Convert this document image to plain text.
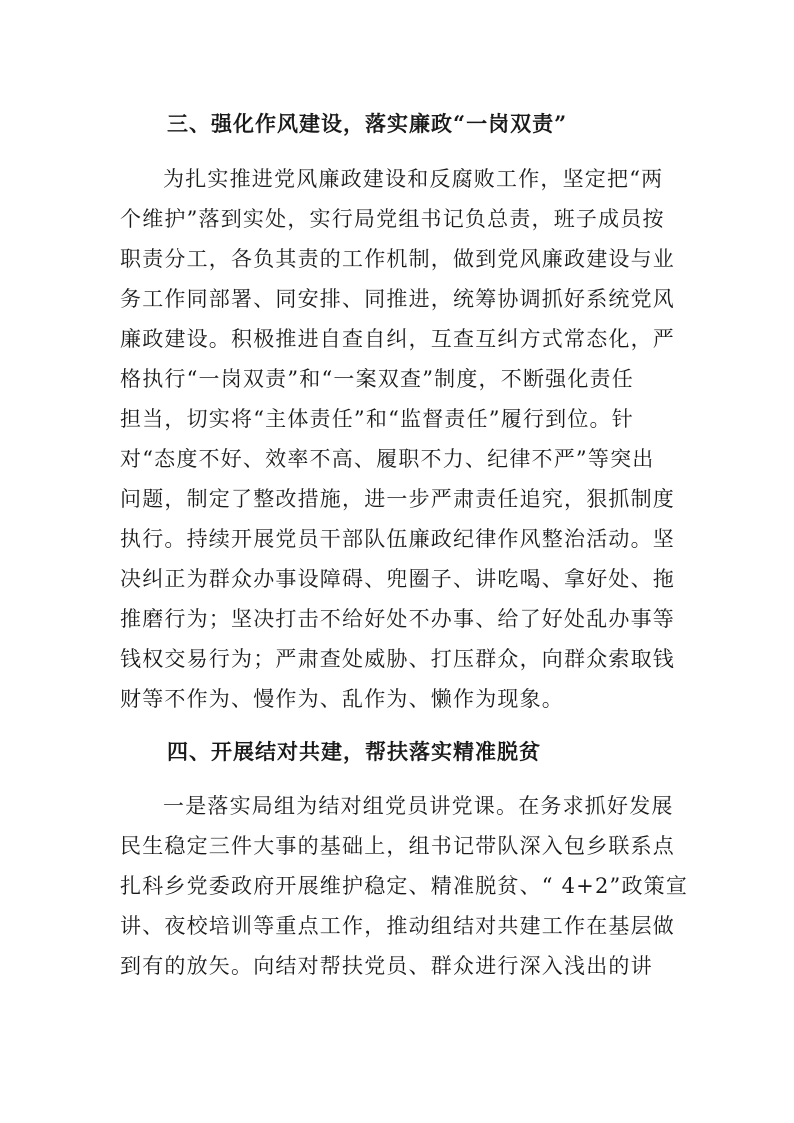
三、强化作风建设，落实廉政“一岗双责”
为扎实推进党风廉政建设和反腐败工作，坚定把“两
个维护”落到实处，实行局党组书记负总责，班子成员按
职责分工，各负其责的工作机制，做到党风廉政建设与业
务工作同部署、同安排、同推进，统筹协调抓好系统党风
廉政建设。积极推进自查自纠，互查互纠方式常态化，严
格执行“一岗双责”和“一案双查”制度，不断强化责任
担当，切实将“主体责任”和“监督责任”履行到位。针
对“态度不好、效率不高、履职不力、纪律不严”等突出
问题，制定了整改措施，进一步严肃责任追究，狠抓制度
执行。持续开展党员干部队伍廉政纪律作风整治活动。坚
决纠正为群众办事设障碍、兜圈子、讲吃喝、拿好处、拖
推磨行为；坚决打击不给好处不办事、给了好处乱办事等
钱权交易行为；严肃查处威胁、打压群众，向群众索取钱
财等不作为、慢作为、乱作为、懒作为现象。
四、开展结对共建，帮扶落实精准脱贫
一是落实局组为结对组党员讲党课。在务求抓好发展
民生稳定三件大事的基础上，组书记带队深入包乡联系点
扎科乡党委政府开展维护稳定、精准脱贫、“ 4+2”政策宣
讲、夜校培训等重点工作，推动组结对共建工作在基层做
到有的放矢。向结对帮扶党员、群众进行深入浅出的讲
